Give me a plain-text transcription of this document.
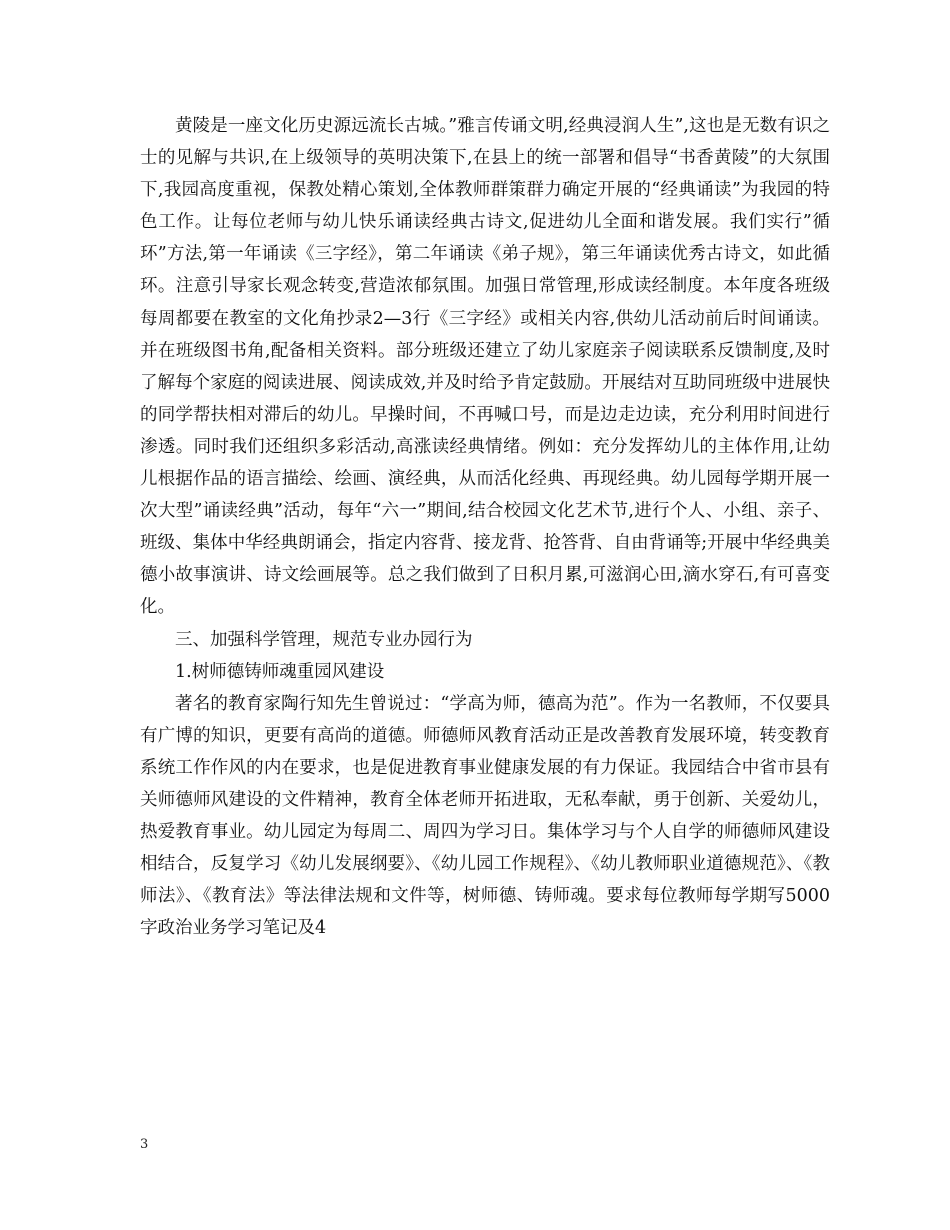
黄陵是一座文化历史源远流长古城。”雅言传诵文明,经典浸润人生”,这也是无数有识之士的见解与共识,在上级领导的英明决策下,在县上的统一部署和倡导“书香黄陵”的大氛围下,我园高度重视，保教处精心策划,全体教师群策群力确定开展的“经典诵读”为我园的特色工作。让每位老师与幼儿快乐诵读经典古诗文,促进幼儿全面和谐发展。我们实行”循环”方法,第一年诵读《三字经》，第二年诵读《弟子规》，第三年诵读优秀古诗文，如此循环。注意引导家长观念转变,营造浓郁氛围。加强日常管理,形成读经制度。本年度各班级每周都要在教室的文化角抄录2—3行《三字经》或相关内容,供幼儿活动前后时间诵读。并在班级图书角,配备相关资料。部分班级还建立了幼儿家庭亲子阅读联系反馈制度,及时了解每个家庭的阅读进展、阅读成效,并及时给予肯定鼓励。开展结对互助同班级中进展快的同学帮扶相对滞后的幼儿。早操时间，不再喊口号，而是边走边读，充分利用时间进行渗透。同时我们还组织多彩活动,高涨读经典情绪。例如：充分发挥幼儿的主体作用,让幼儿根据作品的语言描绘、绘画、演经典，从而活化经典、再现经典。幼儿园每学期开展一次大型”诵读经典”活动，每年“六一”期间,结合校园文化艺术节,进行个人、小组、亲子、班级、集体中华经典朗诵会，指定内容背、接龙背、抢答背、自由背诵等;开展中华经典美德小故事演讲、诗文绘画展等。总之我们做到了日积月累,可滋润心田,滴水穿石,有可喜变化。

三、加强科学管理，规范专业办园行为

1.树师德铸师魂重园风建设

著名的教育家陶行知先生曾说过：“学高为师，德高为范”。作为一名教师，不仅要具有广博的知识，更要有高尚的道德。师德师风教育活动正是改善教育发展环境，转变教育系统工作作风的内在要求，也是促进教育事业健康发展的有力保证。我园结合中省市县有关师德师风建设的文件精神，教育全体老师开拓进取，无私奉献，勇于创新、关爱幼儿，热爱教育事业。幼儿园定为每周二、周四为学习日。集体学习与个人自学的师德师风建设相结合，反复学习《幼儿发展纲要》、《幼儿园工作规程》、《幼儿教师职业道德规范》、《教师法》、《教育法》等法律法规和文件等，树师德、铸师魂。要求每位教师每学期写5000字政治业务学习笔记及4

3
